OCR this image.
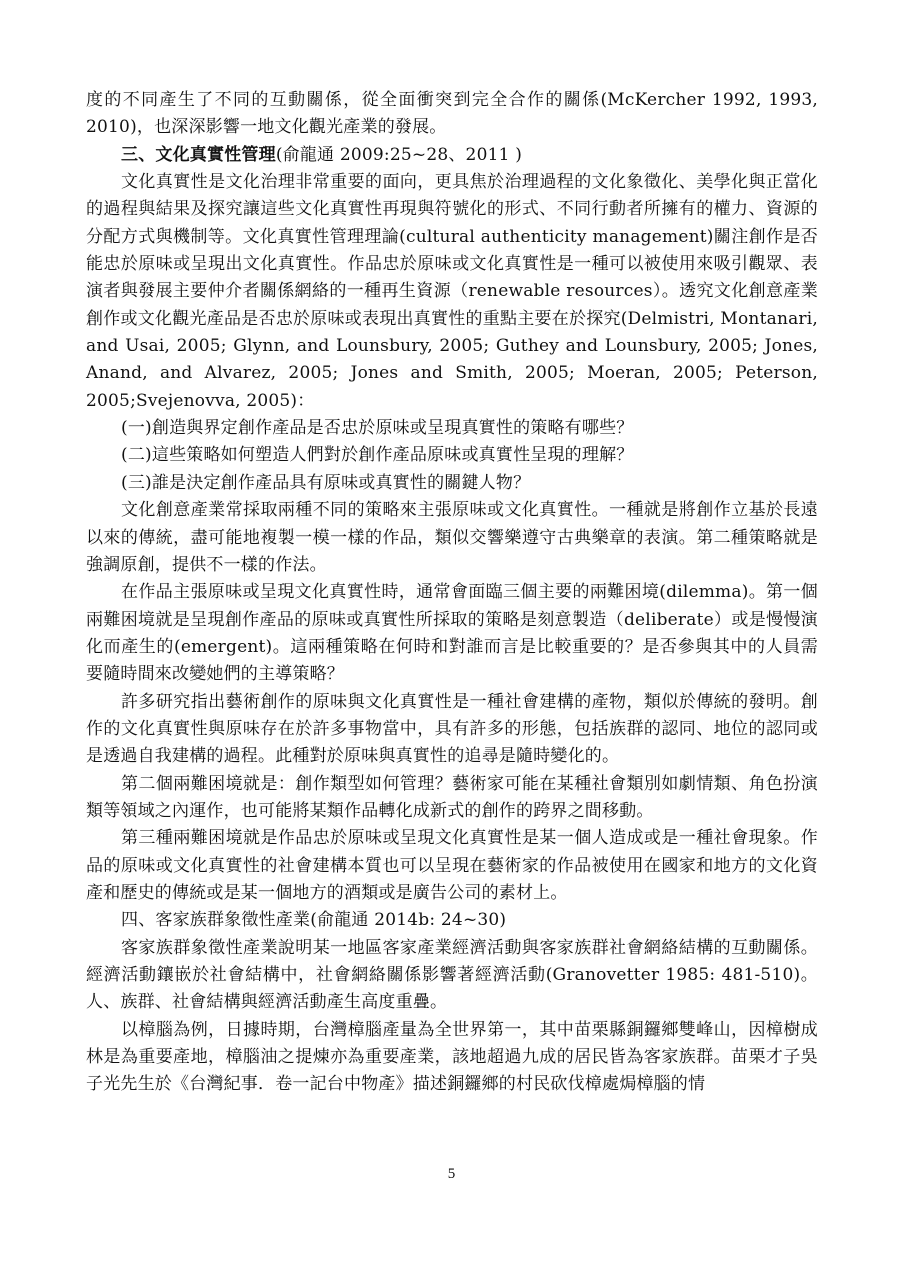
度的不同產生了不同的互動關係，從全面衝突到完全合作的關係(McKercher 1992, 1993, 2010)，也深深影響一地文化觀光產業的發展。

三、文化真實性管理(俞龍通 2009:25~28、2011 )

文化真實性是文化治理非常重要的面向，更具焦於治理過程的文化象徵化、美學化與正當化的過程與結果及探究讓這些文化真實性再現與符號化的形式、不同行動者所擁有的權力、資源的分配方式與機制等。文化真實性管理理論(cultural authenticity management)關注創作是否能忠於原味或呈現出文化真實性。作品忠於原味或文化真實性是一種可以被使用來吸引觀眾、表演者與發展主要仲介者關係網絡的一種再生資源（renewable resources）。透究文化創意產業創作或文化觀光產品是否忠於原味或表現出真實性的重點主要在於探究(Delmistri, Montanari, and Usai, 2005; Glynn, and Lounsbury, 2005; Guthey and Lounsbury, 2005; Jones, Anand, and Alvarez, 2005; Jones and Smith, 2005; Moeran, 2005; Peterson, 2005;Svejenovva, 2005)：

(一)創造與界定創作產品是否忠於原味或呈現真實性的策略有哪些？

(二)這些策略如何塑造人們對於創作產品原味或真實性呈現的理解？

(三)誰是決定創作產品具有原味或真實性的關鍵人物？

文化創意產業常採取兩種不同的策略來主張原味或文化真實性。一種就是將創作立基於長遠以來的傳統，盡可能地複製一模一樣的作品，類似交響樂遵守古典樂章的表演。第二種策略就是強調原創，提供不一樣的作法。

在作品主張原味或呈現文化真實性時，通常會面臨三個主要的兩難困境(dilemma)。第一個兩難困境就是呈現創作產品的原味或真實性所採取的策略是刻意製造（deliberate）或是慢慢演化而產生的(emergent)。這兩種策略在何時和對誰而言是比較重要的？是否參與其中的人員需要隨時間來改變她們的主導策略？

許多研究指出藝術創作的原味與文化真實性是一種社會建構的產物，類似於傳統的發明。創作的文化真實性與原味存在於許多事物當中，具有許多的形態，包括族群的認同、地位的認同或是透過自我建構的過程。此種對於原味與真實性的追尋是隨時變化的。

第二個兩難困境就是：創作類型如何管理？藝術家可能在某種社會類別如劇情類、角色扮演類等領域之內運作，也可能將某類作品轉化成新式的創作的跨界之間移動。

第三種兩難困境就是作品忠於原味或呈現文化真實性是某一個人造成或是一種社會現象。作品的原味或文化真實性的社會建構本質也可以呈現在藝術家的作品被使用在國家和地方的文化資產和歷史的傳統或是某一個地方的酒類或是廣告公司的素材上。

四、客家族群象徵性產業(俞龍通 2014b: 24~30)

客家族群象徵性產業說明某一地區客家產業經濟活動與客家族群社會網絡結構的互動關係。經濟活動鑲嵌於社會結構中，社會網絡關係影響著經濟活動(Granovetter 1985: 481-510)。人、族群、社會結構與經濟活動產生高度重疊。

以樟腦為例，日據時期，台灣樟腦產量為全世界第一，其中苗栗縣銅鑼鄉雙峰山，因樟樹成林是為重要產地，樟腦油之提煉亦為重要產業，該地超過九成的居民皆為客家族群。苗栗才子吳子光先生於《台灣紀事．卷一記台中物產》描述銅鑼鄉的村民砍伐樟處焗樟腦的情

5
